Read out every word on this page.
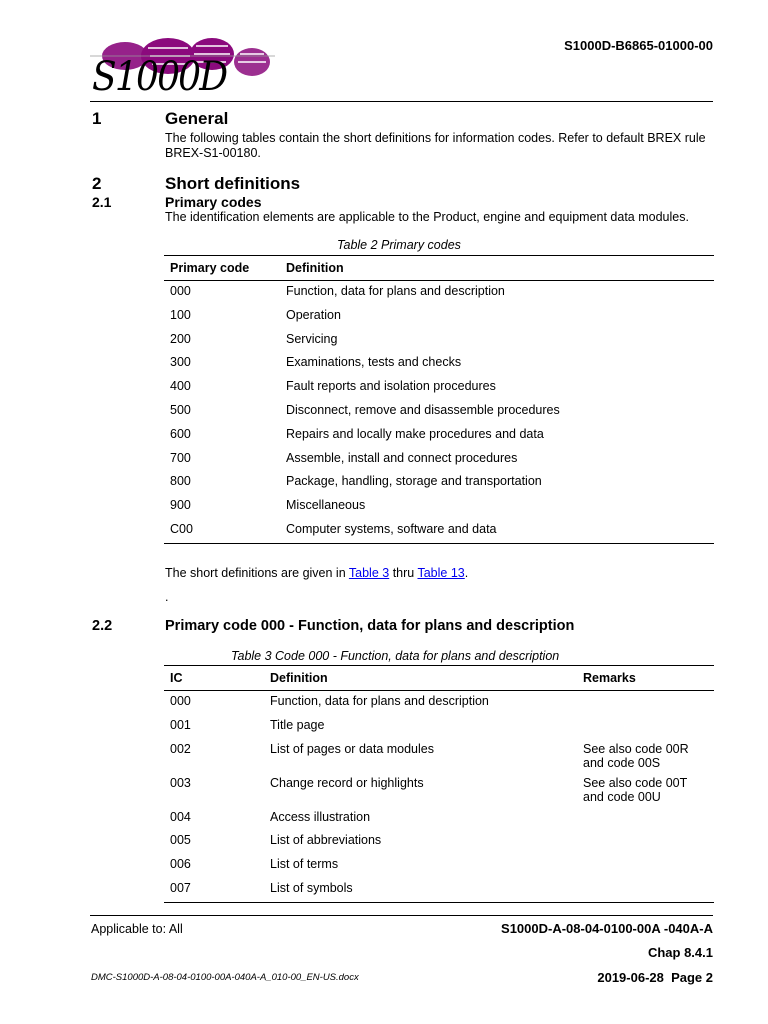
S1000D
S1000D-B6865-01000-00
1	General
The following tables contain the short definitions for information codes. Refer to default BREX rule BREX-S1-00180.
2	Short definitions
2.1	Primary codes
The identification elements are applicable to the Product, engine and equipment data modules.
Table 2 Primary codes
Primary code	Definition
000	Function, data for plans and description
100	Operation
200	Servicing
300	Examinations, tests and checks
400	Fault reports and isolation procedures
500	Disconnect, remove and disassemble procedures
600	Repairs and locally make procedures and data
700	Assemble, install and connect procedures
800	Package, handling, storage and transportation
900	Miscellaneous
C00	Computer systems, software and data
The short definitions are given in Table 3 thru Table 13.
.
2.2	Primary code 000 - Function, data for plans and description
Table 3 Code 000 - Function, data for plans and description
IC	Definition	Remarks
000	Function, data for plans and description	
001	Title page	
002	List of pages or data modules	See also code 00R
and code 00S
003	Change record or highlights	See also code 00T
and code 00U
004	Access illustration	
005	List of abbreviations	
006	List of terms	
007	List of symbols	
Applicable to: All	S1000D-A-08-04-0100-00A -040A-A
Chap 8.4.1
DMC-S1000D-A-08-04-0100-00A-040A-A_010-00_EN-US.docx	2019-06-28  Page 2
